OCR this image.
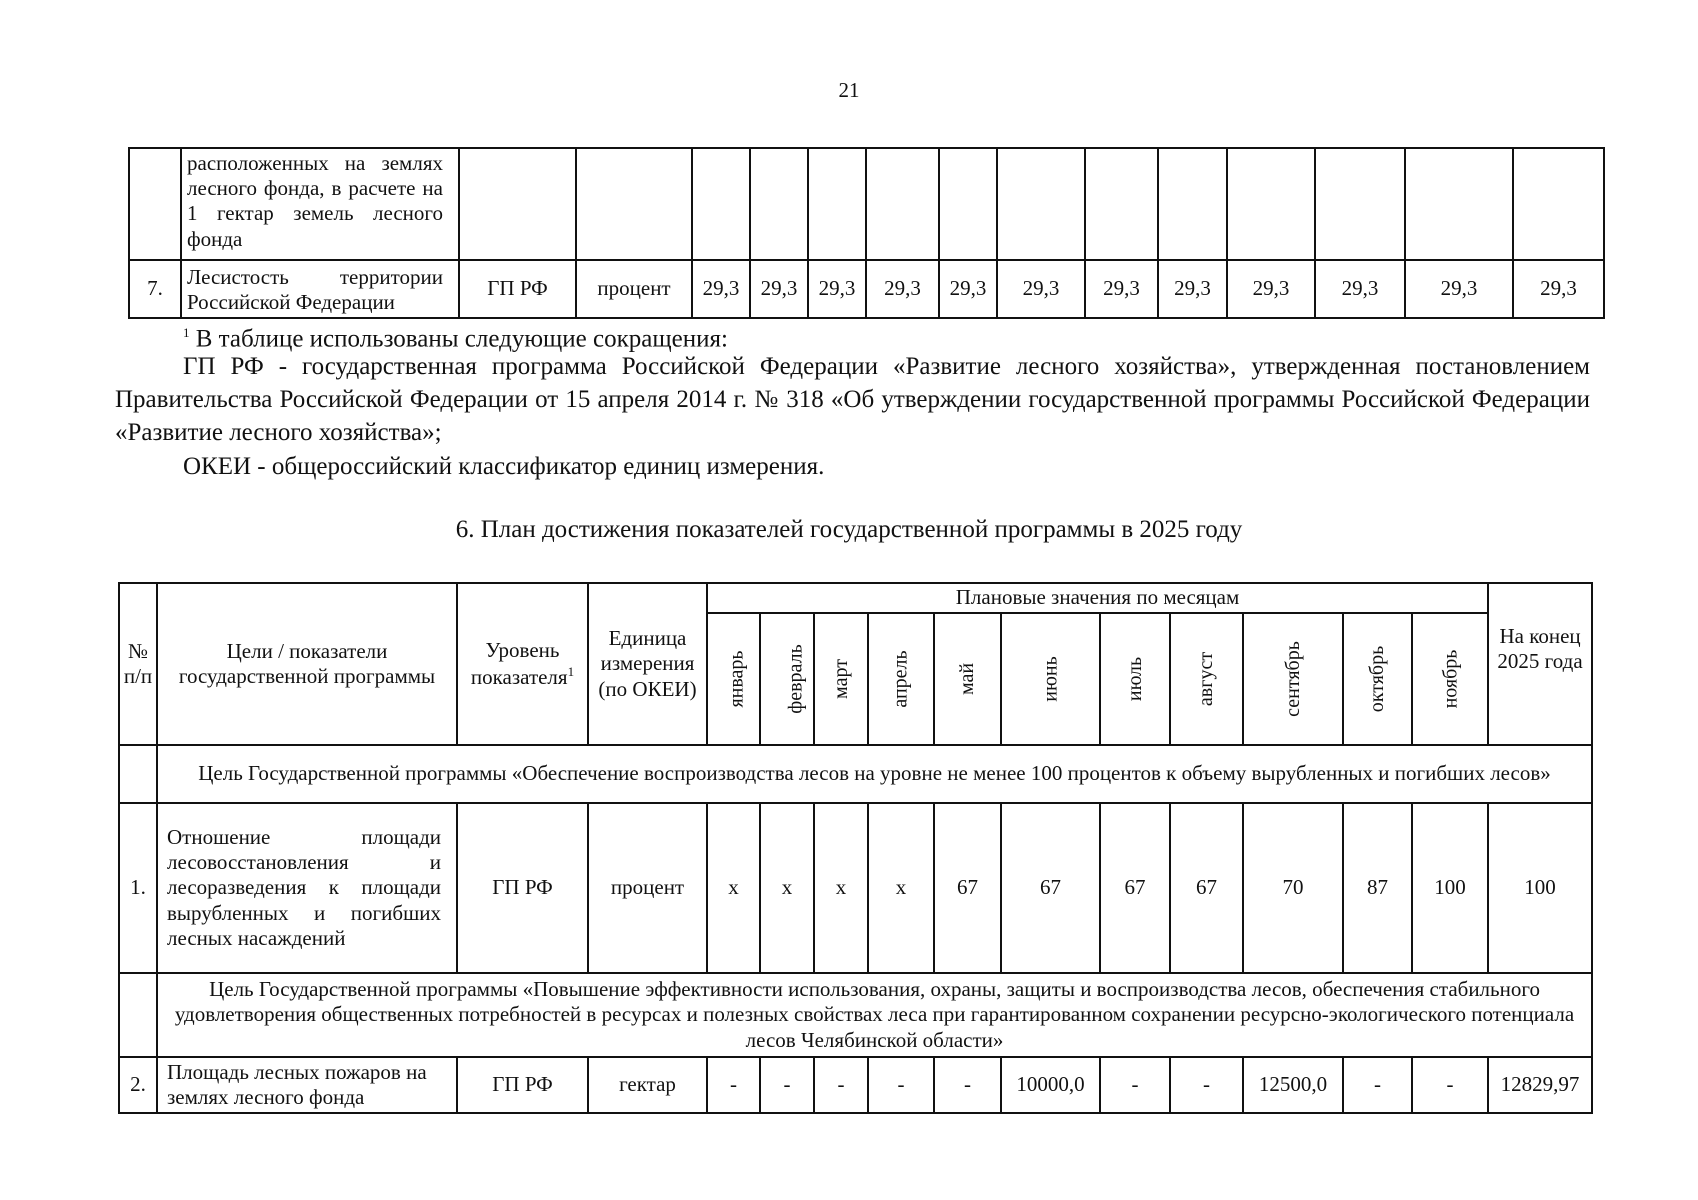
21
	расположенных на землях лесного фонда, в расчете на 1 гектар земель лесного фонда														
7.	Лесистость территории Российской Федерации	ГП РФ	процент	29,3	29,3	29,3	29,3	29,3	29,3	29,3	29,3	29,3	29,3	29,3	29,3
$^1$ В таблице использованы следующие сокращения:
ГП РФ - государственная программа Российской Федерации «Развитие лесного хозяйства», утвержденная постановлением Правительства Российской Федерации от 15 апреля 2014 г. № 318 «Об утверждении государственной программы Российской Федерации «Развитие лесного хозяйства»;
ОКЕИ - общероссийский классификатор единиц измерения.
6. План достижения показателей государственной программы в 2025 году
№ п/п	Цели / показатели государственной программы	Уровень показателя$^1$	Единица измерения (по ОКЕИ)	Плановые значения по месяцам											На конец 2025 года
				январь	февраль	март	апрель	май	июнь	июль	август	сентябрь	октябрь	ноябрь	
	Цель Государственной программы «Обеспечение воспроизводства лесов на уровне не менее 100 процентов к объему вырубленных и погибших лесов»														
1.	Отношение площади лесовосстановления и лесоразведения к площади вырубленных и погибших лесных насаждений	ГП РФ	процент	x	x	x	x	67	67	67	67	70	87	100	100
	Цель Государственной программы «Повышение эффективности использования, охраны, защиты и воспроизводства лесов, обеспечения стабильного удовлетворения общественных потребностей в ресурсах и полезных свойствах леса при гарантированном сохранении ресурсно-экологического потенциала лесов Челябинской области»														
2.	Площадь лесных пожаров на землях лесного фонда	ГП РФ	гектар	-	-	-	-	-	10000,0	-	-	12500,0	-	-	12829,97
